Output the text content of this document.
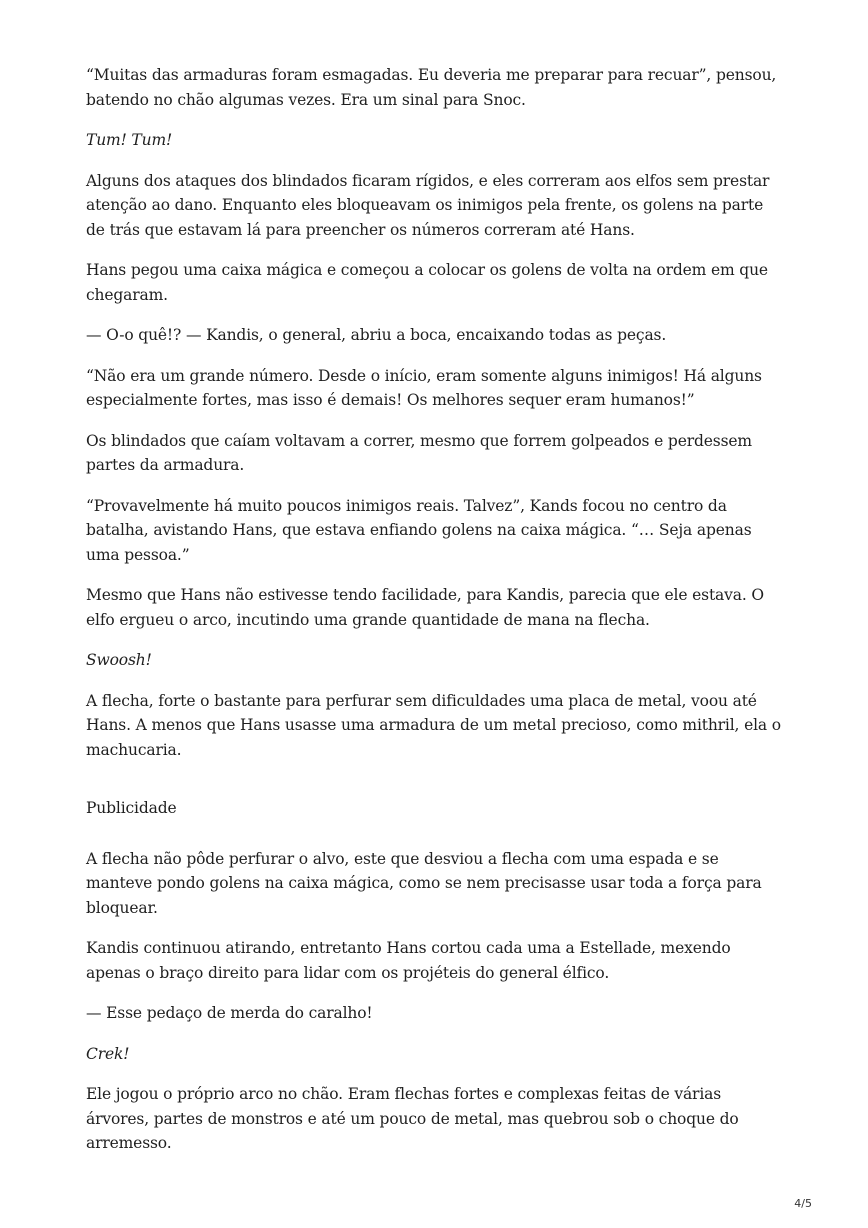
“Muitas das armaduras foram esmagadas. Eu deveria me preparar para recuar”, pensou, batendo no chão algumas vezes. Era um sinal para Snoc.

Tum! Tum!

Alguns dos ataques dos blindados ficaram rígidos, e eles correram aos elfos sem prestar atenção ao dano. Enquanto eles bloqueavam os inimigos pela frente, os golens na parte de trás que estavam lá para preencher os números correram até Hans.

Hans pegou uma caixa mágica e começou a colocar os golens de volta na ordem em que chegaram.

— O-o quê!? — Kandis, o general, abriu a boca, encaixando todas as peças.

“Não era um grande número. Desde o início, eram somente alguns inimigos! Há alguns especialmente fortes, mas isso é demais! Os melhores sequer eram humanos!”

Os blindados que caíam voltavam a correr, mesmo que forrem golpeados e perdessem partes da armadura.

“Provavelmente há muito poucos inimigos reais. Talvez”, Kands focou no centro da batalha, avistando Hans, que estava enfiando golens na caixa mágica. “… Seja apenas uma pessoa.”

Mesmo que Hans não estivesse tendo facilidade, para Kandis, parecia que ele estava. O elfo ergueu o arco, incutindo uma grande quantidade de mana na flecha.

Swoosh!

A flecha, forte o bastante para perfurar sem dificuldades uma placa de metal, voou até Hans. A menos que Hans usasse uma armadura de um metal precioso, como mithril, ela o machucaria.

Publicidade

A flecha não pôde perfurar o alvo, este que desviou a flecha com uma espada e se manteve pondo golens na caixa mágica, como se nem precisasse usar toda a força para bloquear.

Kandis continuou atirando, entretanto Hans cortou cada uma a Estellade, mexendo apenas o braço direito para lidar com os projéteis do general élfico.

— Esse pedaço de merda do caralho!

Crek!

Ele jogou o próprio arco no chão. Eram flechas fortes e complexas feitas de várias árvores, partes de monstros e até um pouco de metal, mas quebrou sob o choque do arremesso.

4/5
